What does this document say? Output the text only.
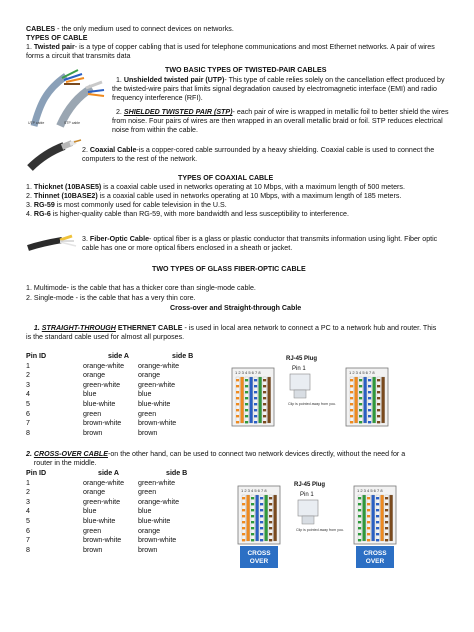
CABLES - the only medium used to connect devices on networks.
TYPES OF CABLE
1. Twisted pair- is a type of copper cabling that is used for telephone communications and most Ethernet networks. A pair of wires
forms a circuit that transmits data
UTP cable	STP cable
TWO BASIC TYPES OF TWISTED-PAIR CABLES
1. Unshielded twisted pair (UTP)- This type of cable relies solely on the cancellation effect produced by
the twisted-wire pairs that limits signal degradation caused by electromagnetic interface (EMI) and radio
frequency interference (RFI).
2. SHIELDED TWISTED PAIR (STP)- each pair of wire is wrapped in metallic foil to better shield the wires
from noise. Four pairs of wires are then wrapped in an overall metallic braid or foil. STP reduces electrical
noise from within the cable.
2. Coaxial Cable-is a copper-cored cable surrounded by a heavy shielding. Coaxial cable is used to connect the
computers to the rest of the network.
TYPES OF COAXIAL CABLE
1. Thicknet (10BASE5) is a coaxial cable used in networks operating at 10 Mbps, with a maximum length of 500 meters.
2. Thinnet (10BASE2) is a coaxial cable used in networks operating at 10 Mbps, with a maximum length of 185 meters.
3. RG-59 is most commonly used for cable television in the U.S.
4. RG-6 is higher-quality cable than RG-59, with more bandwidth and less susceptibility to interference.
3. Fiber-Optic Cable- optical fiber is a glass or plastic conductor that transmits information using light. Fiber optic
cable has one or more optical fibers enclosed in a sheath or jacket.
TWO TYPES OF GLASS FIBER-OPTIC CABLE
1. Multimode- is the cable that has a thicker core than single-mode cable.
2. Single-mode - is the cable that has a very thin core.
Cross-over and Straight-through Cable
1. STRAIGHT-THROUGH ETHERNET CABLE - is used in local area network to connect a PC to a network hub and router. This
is the standard cable used for almost all purposes.
Pin ID	side A	side B
1	orange-white	orange-white
2	orange	orange
3	green-white	green-white
4	blue	blue
5	blue-white	blue-white
6	green	green
7	brown-white	brown-white
8	brown	brown
1 2 3 4 5 6 7 8
RJ-45 Plug
Pin 1
Clip is pointed away from you.
1 2 3 4 5 6 7 8
2. CROSS-OVER CABLE-on the other hand, can be used to connect two network devices directly, without the need for a
router in the middle.
Pin ID	side A	side B
1	orange-white	green-white
2	orange	green
3	green-white	orange-white
4	blue	blue
5	blue-white	blue-white
6	green	orange
7	brown-white	brown-white
8	brown	brown
1 2 3 4 5 6 7 8
RJ-45 Plug
Pin 1
Clip is pointed away from you.
1 2 3 4 5 6 7 8
CROSS
OVER
CROSS
OVER
